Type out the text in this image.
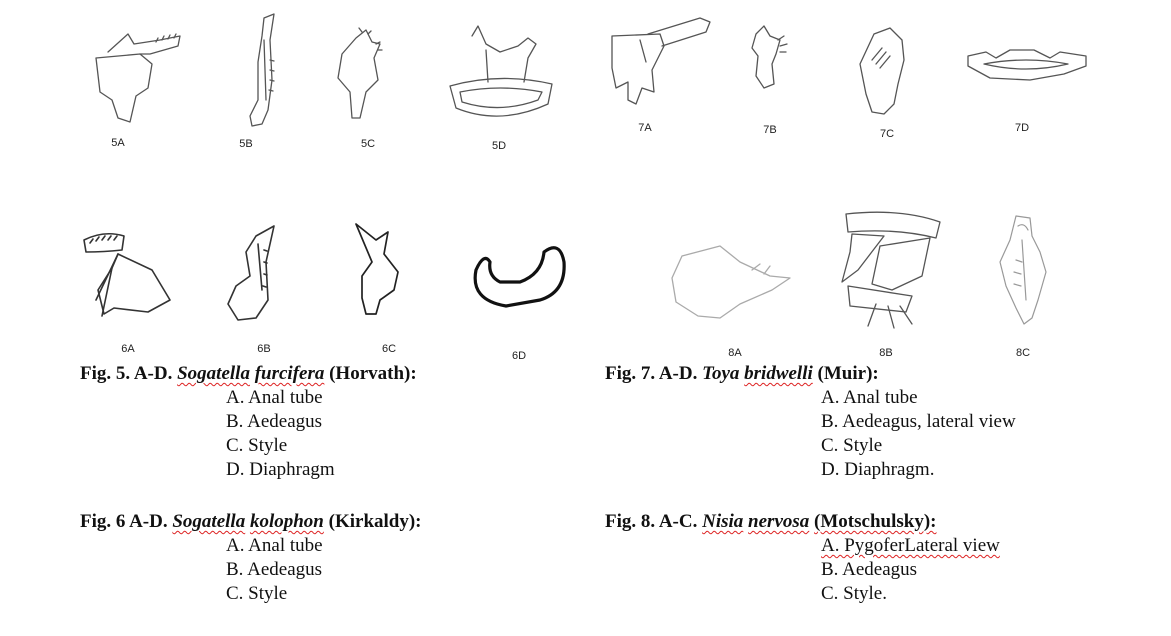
5A	5B	5C	5D
7A	7B	7C	7D
6A	6B	6C
6D	8A	8B	8C
Fig. 5. A-D. Sogatella furcifera (Horvath):
A. Anal tube
B. Aedeagus
C. Style
D. Diaphragm
Fig. 6 A-D. Sogatella kolophon (Kirkaldy):
A. Anal tube
B. Aedeagus
C. Style
Fig. 7. A-D. Toya bridwelli (Muir):
A. Anal tube
B. Aedeagus, lateral view
C. Style
D. Diaphragm.
Fig. 8. A-C. Nisia nervosa (Motschulsky):
A. PygoferLateral view
B. Aedeagus
C. Style.
